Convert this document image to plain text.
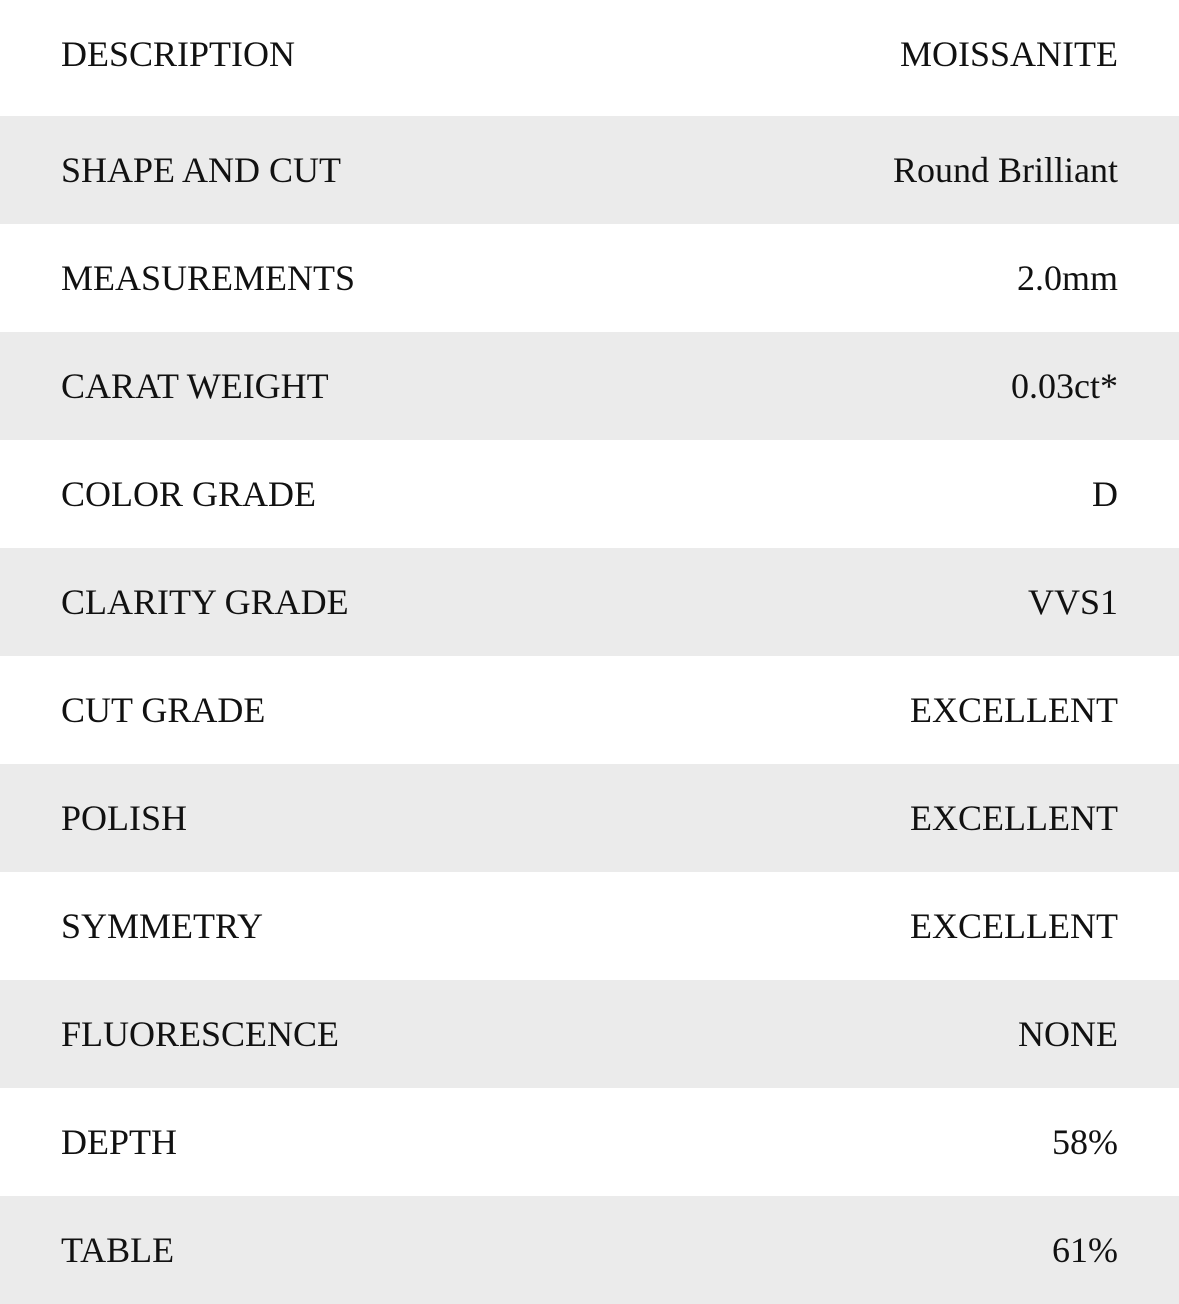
DESCRIPTION	MOISSANITE
SHAPE AND CUT	Round Brilliant
MEASUREMENTS	2.0mm
CARAT WEIGHT	0.03ct*
COLOR GRADE	D
CLARITY GRADE	VVS1
CUT GRADE	EXCELLENT
POLISH	EXCELLENT
SYMMETRY	EXCELLENT
FLUORESCENCE	NONE
DEPTH	58%
TABLE	61%
